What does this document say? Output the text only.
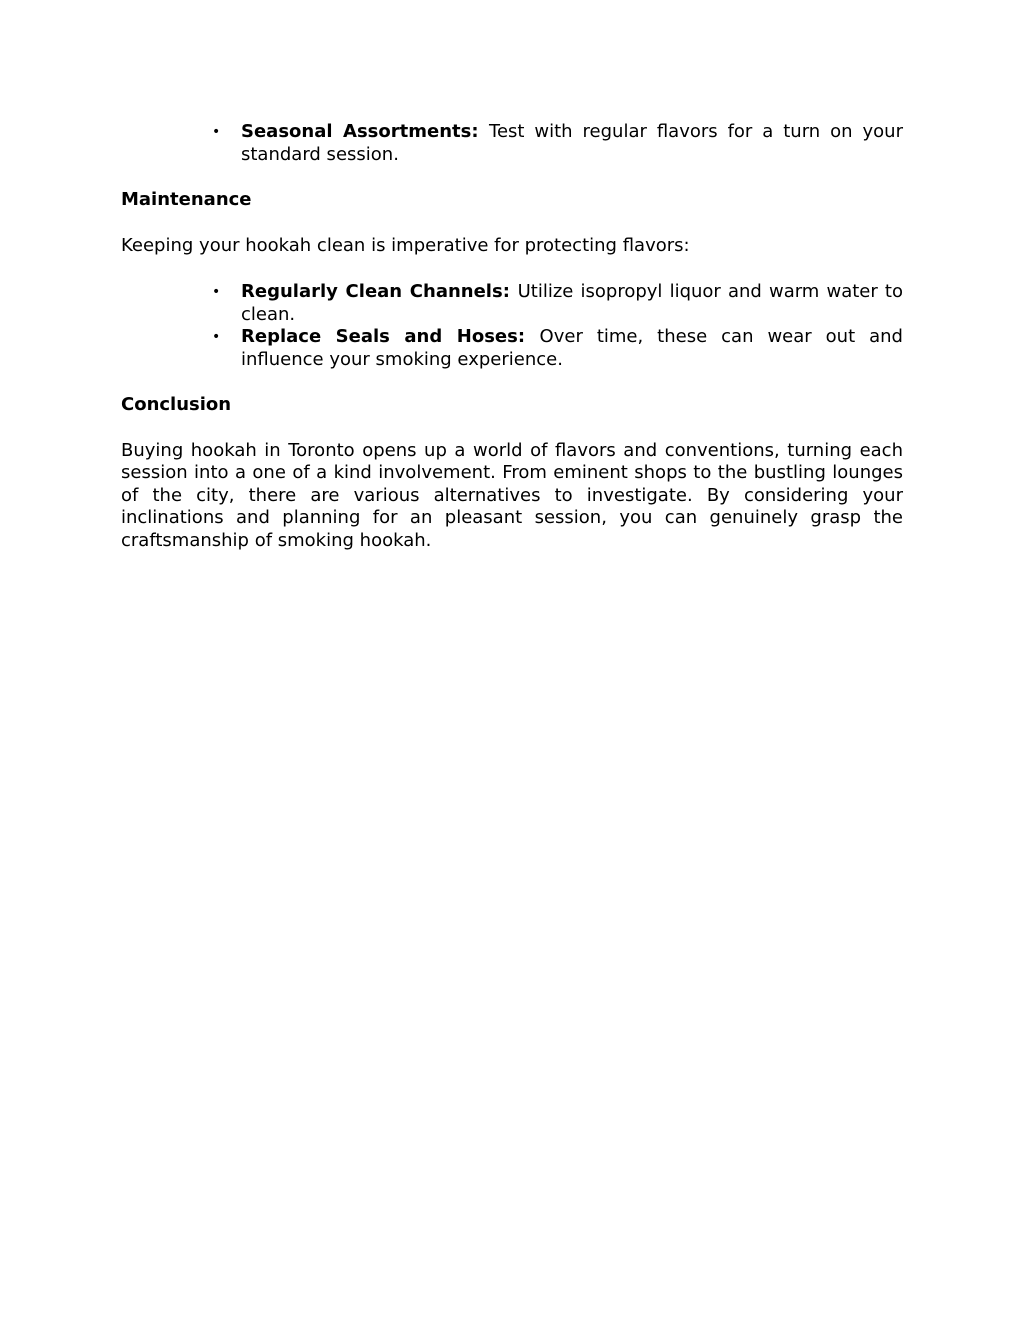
• Seasonal Assortments: Test with regular flavors for a turn on your standard session.

Maintenance

Keeping your hookah clean is imperative for protecting flavors:

• Regularly Clean Channels: Utilize isopropyl liquor and warm water to clean.
• Replace Seals and Hoses: Over time, these can wear out and influence your smoking experience.

Conclusion

Buying hookah in Toronto opens up a world of flavors and conventions, turning each session into a one of a kind involvement. From eminent shops to the bustling lounges of the city, there are various alternatives to investigate. By considering your inclinations and planning for an pleasant session, you can genuinely grasp the craftsmanship of smoking hookah.
